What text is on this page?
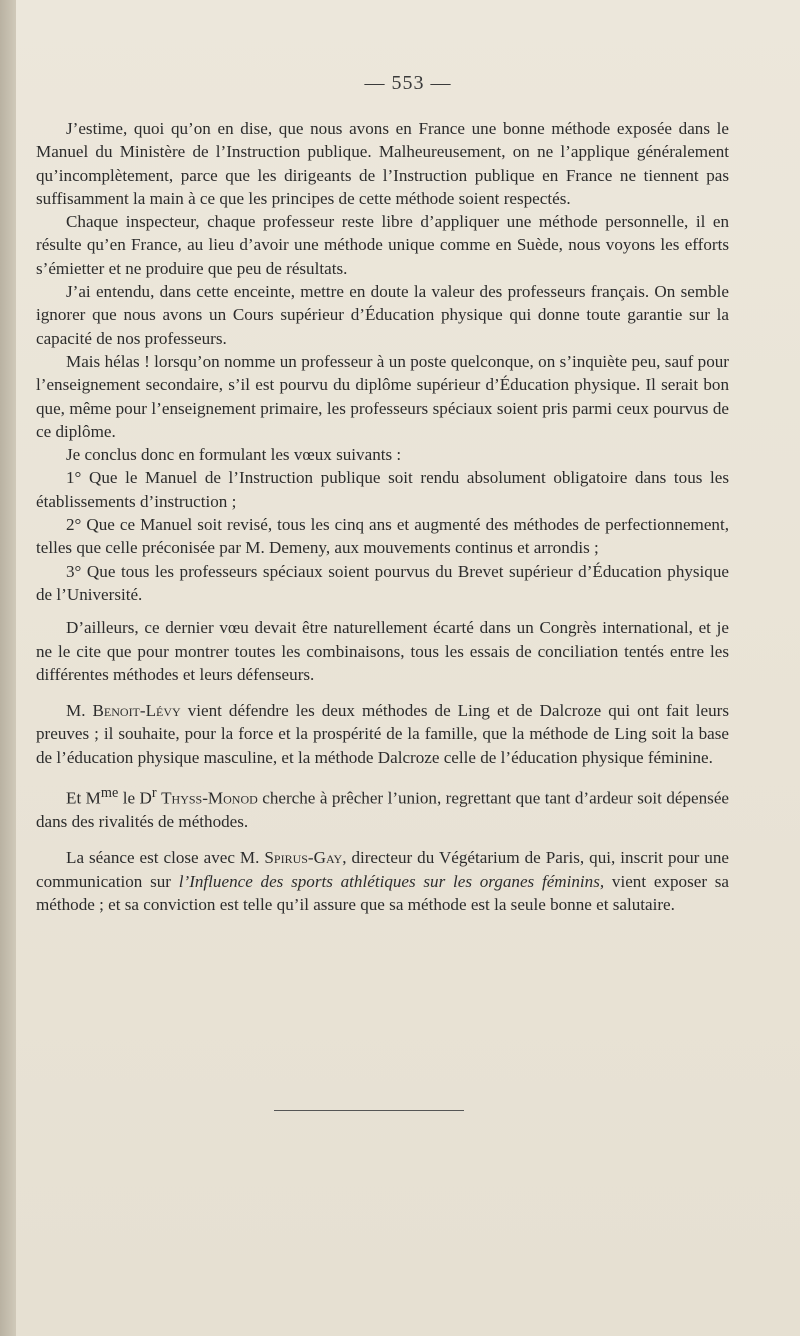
— 553 —

J’estime, quoi qu’on en dise, que nous avons en France une bonne méthode exposée dans le Manuel du Ministère de l’Instruction publique. Malheureusement, on ne l’applique généralement qu’incomplètement, parce que les dirigeants de l’Instruction publique en France ne tiennent pas suffisamment la main à ce que les principes de cette méthode soient respectés.

Chaque inspecteur, chaque professeur reste libre d’appliquer une méthode personnelle, il en résulte qu’en France, au lieu d’avoir une méthode unique comme en Suède, nous voyons les efforts s’émietter et ne produire que peu de résultats.

J’ai entendu, dans cette enceinte, mettre en doute la valeur des professeurs français. On semble ignorer que nous avons un Cours supérieur d’Éducation physique qui donne toute garantie sur la capacité de nos professeurs.

Mais hélas ! lorsqu’on nomme un professeur à un poste quelconque, on s’inquiète peu, sauf pour l’enseignement secondaire, s’il est pourvu du diplôme supérieur d’Éducation physique. Il serait bon que, même pour l’enseignement primaire, les professeurs spéciaux soient pris parmi ceux pourvus de ce diplôme.

Je conclus donc en formulant les vœux suivants :

1° Que le Manuel de l’Instruction publique soit rendu absolument obligatoire dans tous les établissements d’instruction ;

2° Que ce Manuel soit revisé, tous les cinq ans et augmenté des méthodes de perfectionnement, telles que celle préconisée par M. Demeny, aux mouvements continus et arrondis ;

3° Que tous les professeurs spéciaux soient pourvus du Brevet supérieur d’Éducation physique de l’Université.

D’ailleurs, ce dernier vœu devait être naturellement écarté dans un Congrès international, et je ne le cite que pour montrer toutes les combinaisons, tous les essais de conciliation tentés entre les différentes méthodes et leurs défenseurs.

M. Benoit-Lévy vient défendre les deux méthodes de Ling et de Dalcroze qui ont fait leurs preuves ; il souhaite, pour la force et la prospérité de la famille, que la méthode de Ling soit la base de l’éducation physique masculine, et la méthode Dalcroze celle de l’éducation physique féminine.

Et $M^{me}$ le $D^r$ Thyss-Monod cherche à prêcher l’union, regrettant que tant d’ardeur soit dépensée dans des rivalités de méthodes.

La séance est close avec M. Spirus-Gay, directeur du Végétarium de Paris, qui, inscrit pour une communication sur l’Influence des sports athlétiques sur les organes féminins, vient exposer sa méthode ; et sa conviction est telle qu’il assure que sa méthode est la seule bonne et salutaire.
